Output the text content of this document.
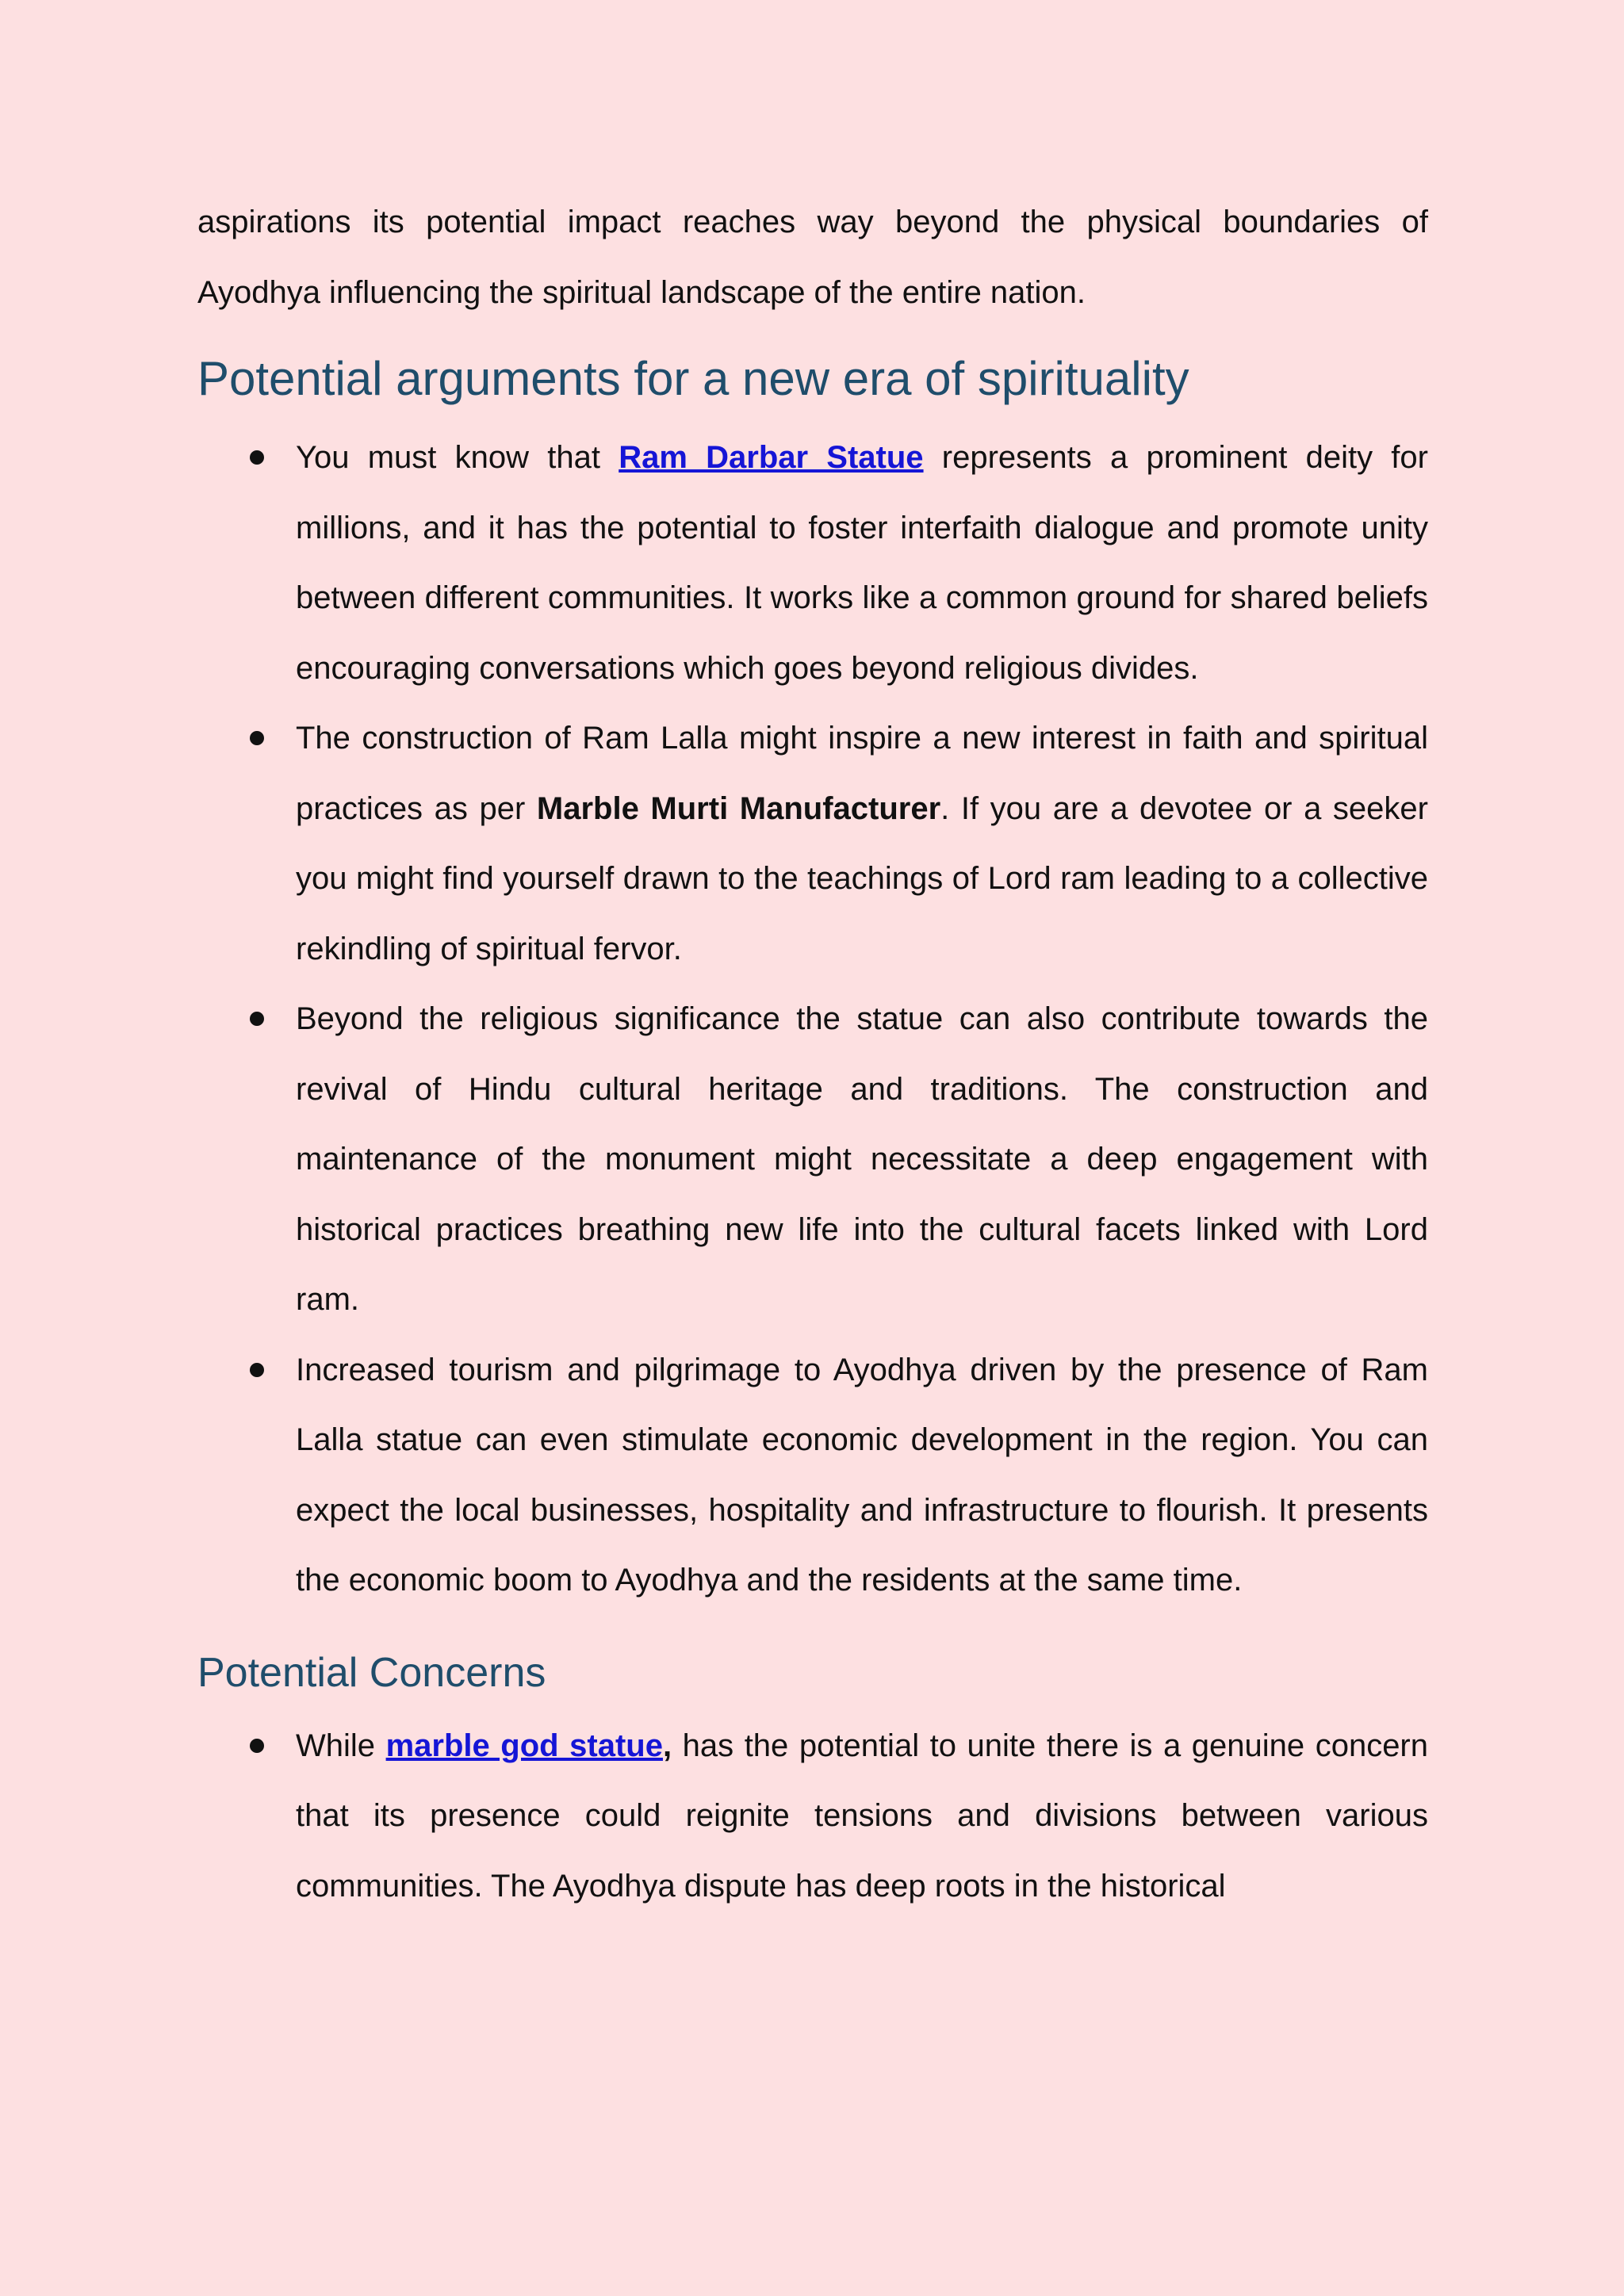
aspirations its potential impact reaches way beyond the physical boundaries of Ayodhya influencing the spiritual landscape of the entire nation.

Potential arguments for a new era of spirituality
You must know that Ram Darbar Statue represents a prominent deity for millions, and it has the potential to foster interfaith dialogue and promote unity between different communities. It works like a common ground for shared beliefs encouraging conversations which goes beyond religious divides.
The construction of Ram Lalla might inspire a new interest in faith and spiritual practices as per Marble Murti Manufacturer. If you are a devotee or a seeker you might find yourself drawn to the teachings of Lord ram leading to a collective rekindling of spiritual fervor.
Beyond the religious significance the statue can also contribute towards the revival of Hindu cultural heritage and traditions. The construction and maintenance of the monument might necessitate a deep engagement with historical practices breathing new life into the cultural facets linked with Lord ram.
Increased tourism and pilgrimage to Ayodhya driven by the presence of Ram Lalla statue can even stimulate economic development in the region. You can expect the local businesses, hospitality and infrastructure to flourish. It presents the economic boom to Ayodhya and the residents at the same time.
Potential Concerns
While marble god statue, has the potential to unite there is a genuine concern that its presence could reignite tensions and divisions between various communities. The Ayodhya dispute has deep roots in the historical
